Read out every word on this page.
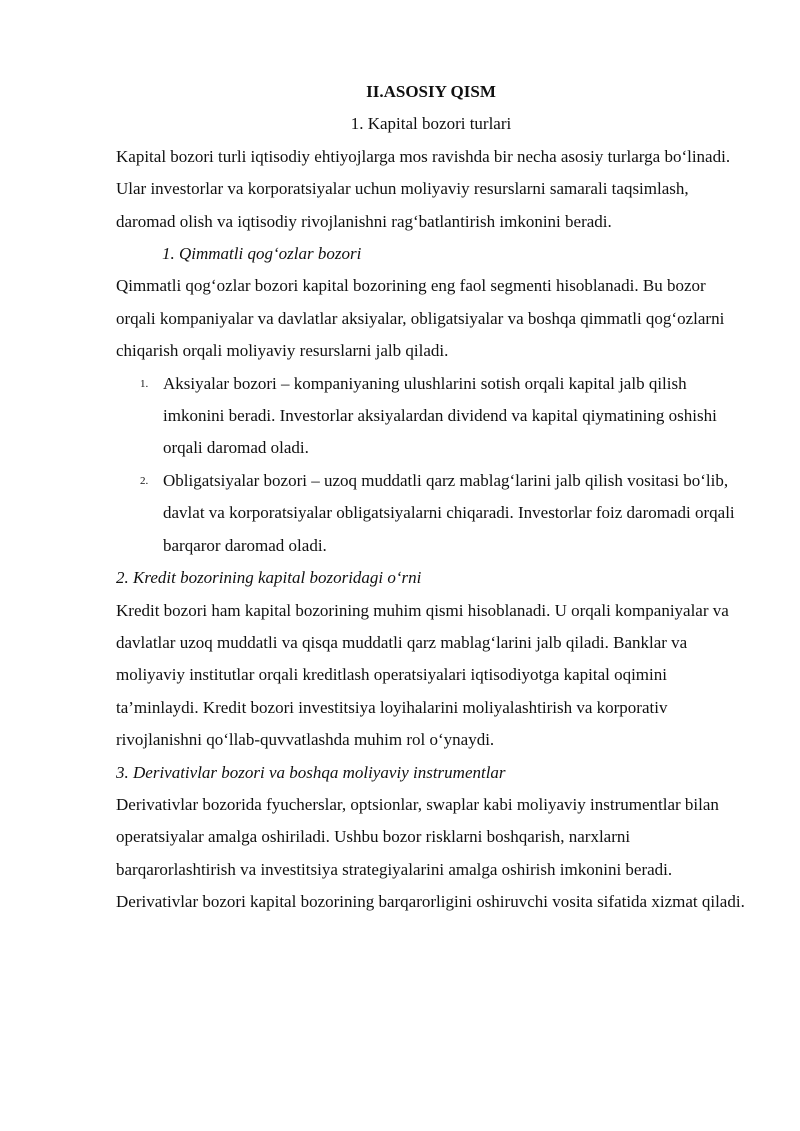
II.ASOSIY QISM

1. Kapital bozori turlari

Kapital bozori turli iqtisodiy ehtiyojlarga mos ravishda bir necha asosiy turlarga bo‘linadi. Ular investorlar va korporatsiyalar uchun moliyaviy resurslarni samarali taqsimlash, daromad olish va iqtisodiy rivojlanishni rag‘batlantirish imkonini beradi.

1. Qimmatli qog‘ozlar bozori

Qimmatli qog‘ozlar bozori kapital bozorining eng faol segmenti hisoblanadi. Bu bozor orqali kompaniyalar va davlatlar aksiyalar, obligatsiyalar va boshqa qimmatli qog‘ozlarni chiqarish orqali moliyaviy resurslarni jalb qiladi.

1. Aksiyalar bozori – kompaniyaning ulushlarini sotish orqali kapital jalb qilish imkonini beradi. Investorlar aksiyalardan dividend va kapital qiymatining oshishi orqali daromad oladi.
2. Obligatsiyalar bozori – uzoq muddatli qarz mablag‘larini jalb qilish vositasi bo‘lib, davlat va korporatsiyalar obligatsiyalarni chiqaradi. Investorlar foiz daromadi orqali barqaror daromad oladi.

2. Kredit bozorining kapital bozoridagi o‘rni

Kredit bozori ham kapital bozorining muhim qismi hisoblanadi. U orqali kompaniyalar va davlatlar uzoq muddatli va qisqa muddatli qarz mablag‘larini jalb qiladi. Banklar va moliyaviy institutlar orqali kreditlash operatsiyalari iqtisodiyotga kapital oqimini ta’minlaydi. Kredit bozori investitsiya loyihalarini moliyalashtirish va korporativ rivojlanishni qo‘llab-quvvatlashda muhim rol o‘ynaydi.

3. Derivativlar bozori va boshqa moliyaviy instrumentlar

Derivativlar bozorida fyucherslar, optsionlar, swaplar kabi moliyaviy instrumentlar bilan operatsiyalar amalga oshiriladi. Ushbu bozor risklarni boshqarish, narxlarni barqarorlashtirish va investitsiya strategiyalarini amalga oshirish imkonini beradi. Derivativlar bozori kapital bozorining barqarorligini oshiruvchi vosita sifatida xizmat qiladi.
